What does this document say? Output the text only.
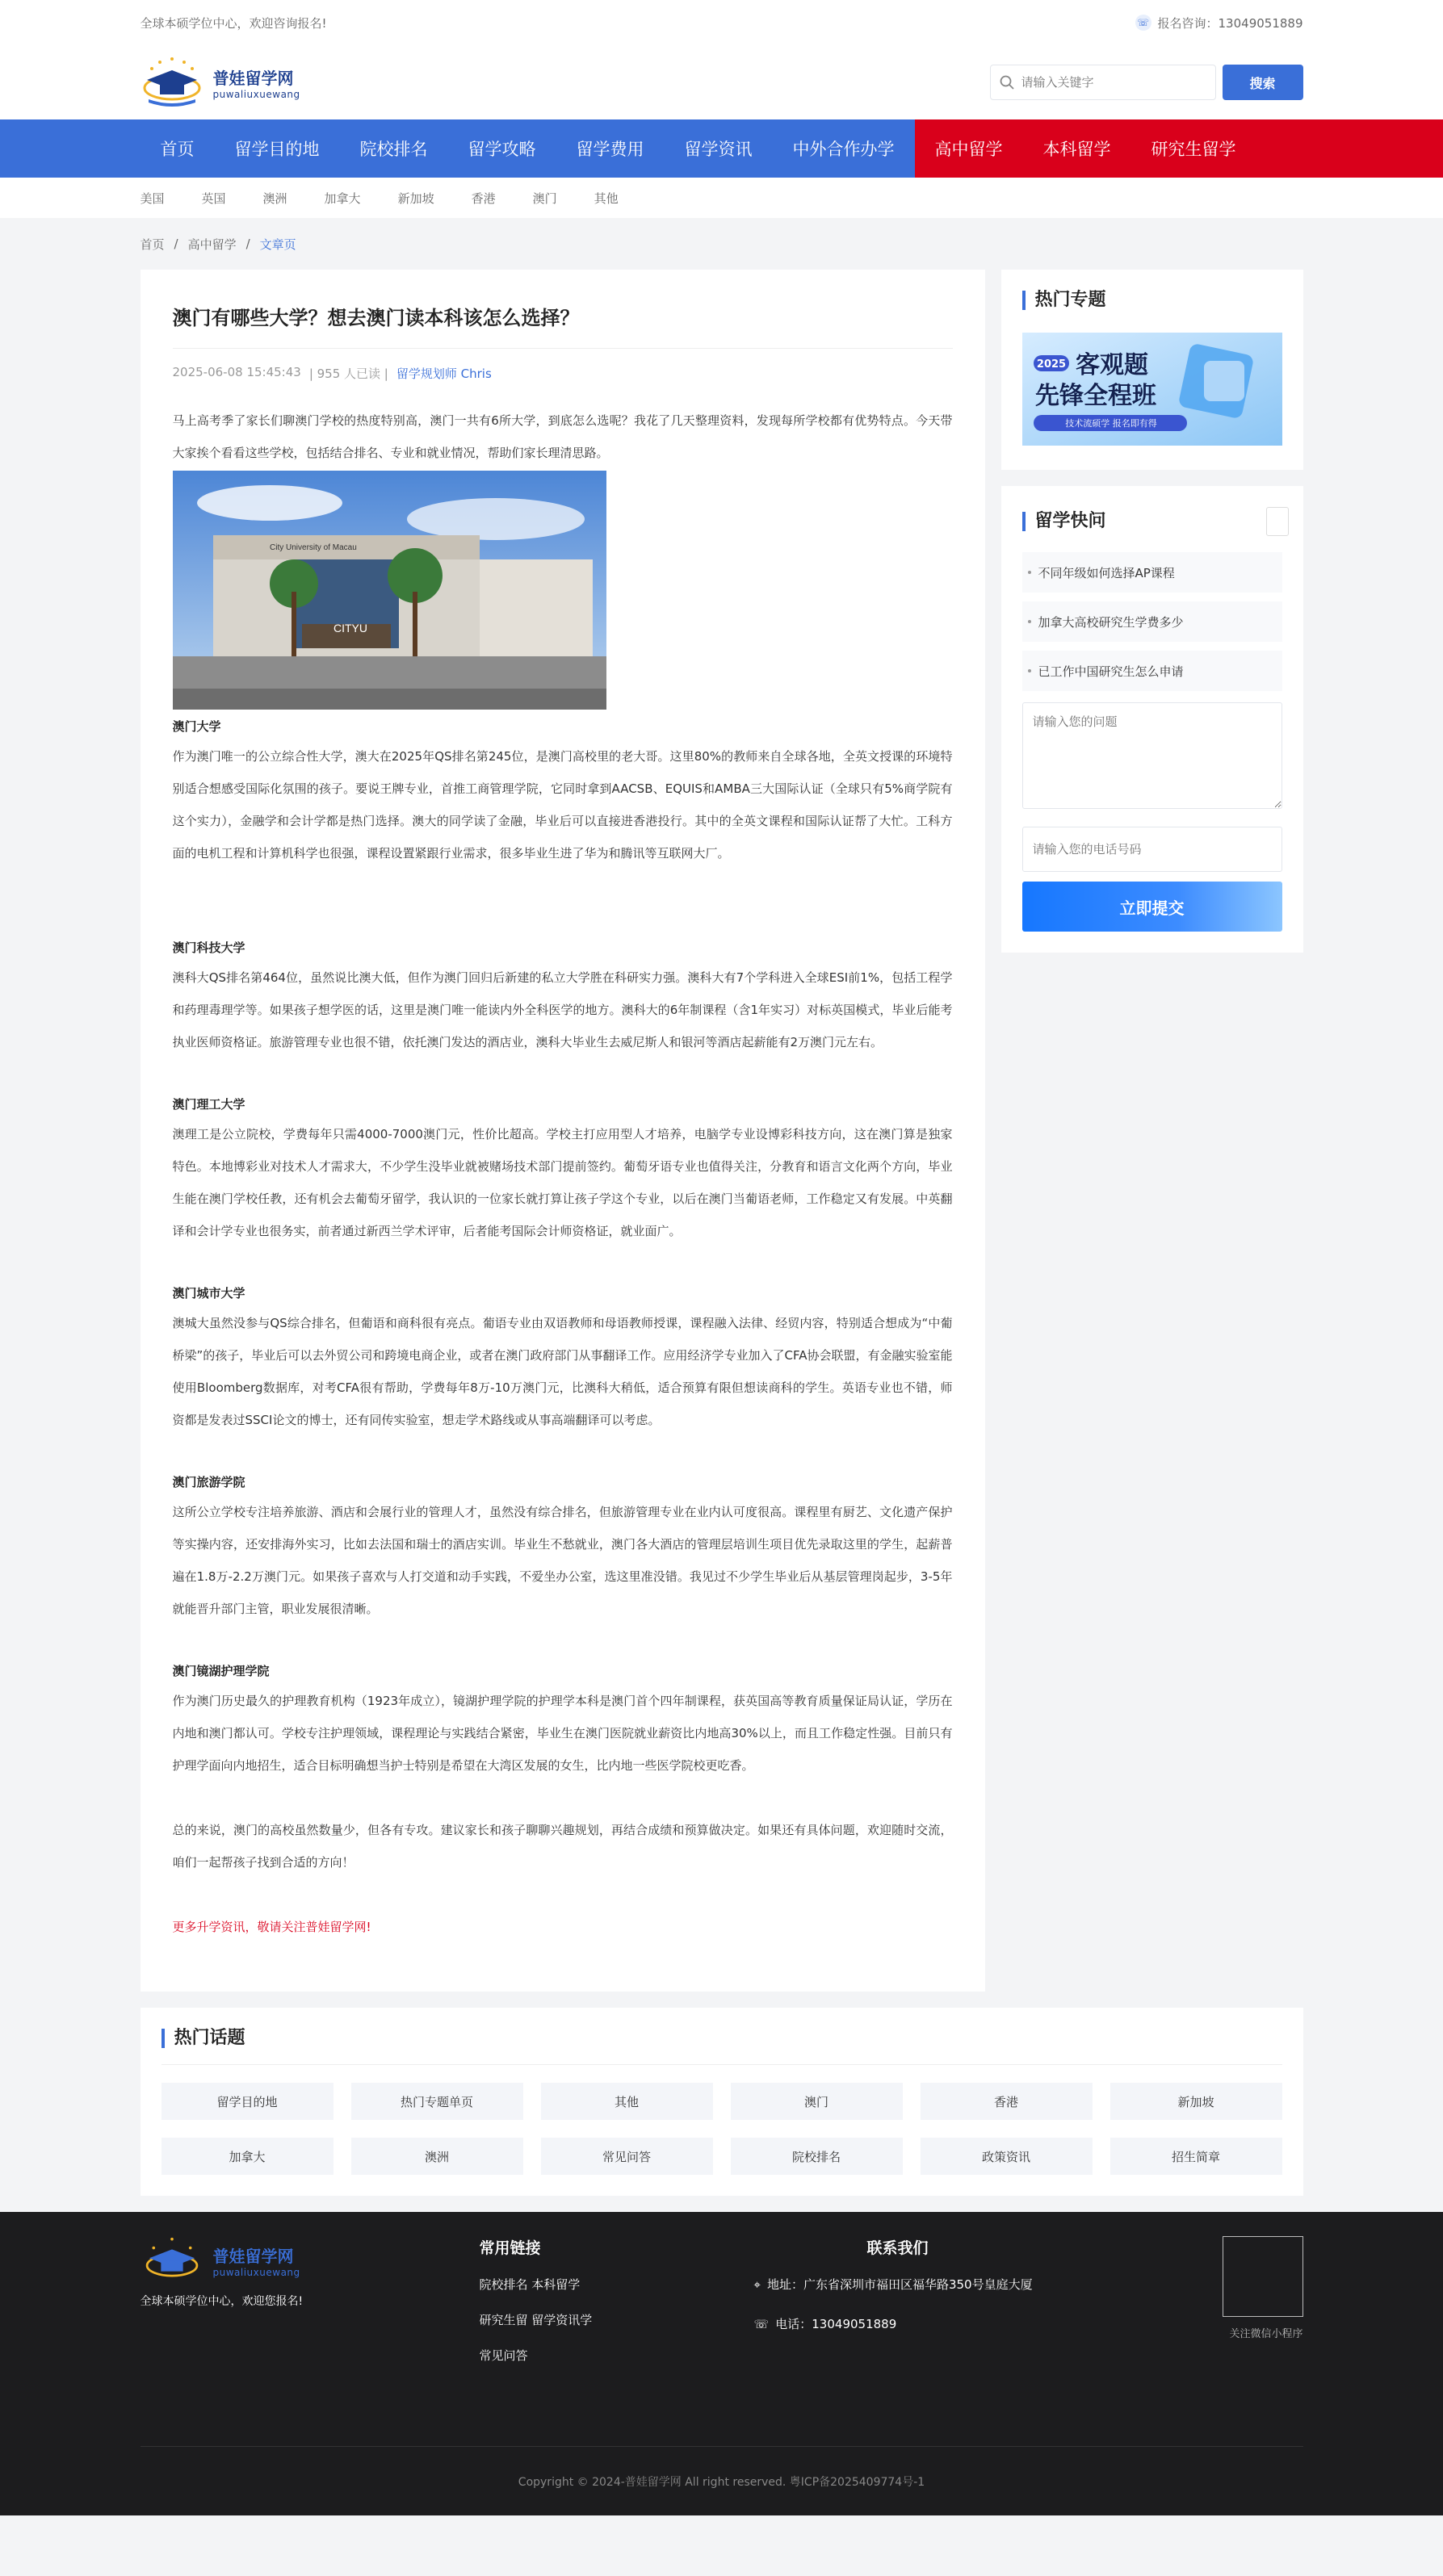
全球本硕学位中心，欢迎咨询报名!	☏ 报名咨询：13049051889
普娃留学网
puwaliuxuewang
请输入关键字
搜索
首页	留学目的地	院校排名	留学攻略	留学费用	留学资讯	中外合作办学	高中留学	本科留学	研究生留学
美国	英国	澳洲	加拿大	新加坡	香港	澳门	其他
首页 / 高中留学 / 文章页
澳门有哪些大学？想去澳门读本科该怎么选择？
2025-06-08 15:45:43 | 955 人已读 | 留学规划师 Chris

马上高考季了家长们聊澳门学校的热度特别高，澳门一共有6所大学，到底怎么选呢？我花了几天整理资料，发现每所学校都有优势特点。今天带大家挨个看看这些学校，包括结合排名、专业和就业情况，帮助们家长理清思路。

CITYU
City University of Macau
澳门大学

作为澳门唯一的公立综合性大学，澳大在2025年QS排名第245位，是澳门高校里的老大哥。这里80%的教师来自全球各地，全英文授课的环境特别适合想感受国际化氛围的孩子。要说王牌专业，首推工商管理学院，它同时拿到AACSB、EQUIS和AMBA三大国际认证（全球只有5%商学院有这个实力），金融学和会计学都是热门选择。澳大的同学读了金融，毕业后可以直接进香港投行。其中的全英文课程和国际认证帮了大忙。工科方面的电机工程和计算机科学也很强，课程设置紧跟行业需求，很多毕业生进了华为和腾讯等互联网大厂。

澳门科技大学

澳科大QS排名第464位，虽然说比澳大低，但作为澳门回归后新建的私立大学胜在科研实力强。澳科大有7个学科进入全球ESI前1%，包括工程学和药理毒理学等。如果孩子想学医的话，这里是澳门唯一能读内外全科医学的地方。澳科大的6年制课程（含1年实习）对标英国模式，毕业后能考执业医师资格证。旅游管理专业也很不错，依托澳门发达的酒店业，澳科大毕业生去威尼斯人和银河等酒店起薪能有2万澳门元左右。

澳门理工大学

澳理工是公立院校，学费每年只需4000-7000澳门元，性价比超高。学校主打应用型人才培养，电脑学专业设博彩科技方向，这在澳门算是独家特色。本地博彩业对技术人才需求大，不少学生没毕业就被赌场技术部门提前签约。葡萄牙语专业也值得关注，分教育和语言文化两个方向，毕业生能在澳门学校任教，还有机会去葡萄牙留学，我认识的一位家长就打算让孩子学这个专业，以后在澳门当葡语老师，工作稳定又有发展。中英翻译和会计学专业也很务实，前者通过新西兰学术评审，后者能考国际会计师资格证，就业面广。

澳门城市大学

澳城大虽然没参与QS综合排名，但葡语和商科很有亮点。葡语专业由双语教师和母语教师授课，课程融入法律、经贸内容，特别适合想成为“中葡桥梁”的孩子，毕业后可以去外贸公司和跨境电商企业，或者在澳门政府部门从事翻译工作。应用经济学专业加入了CFA协会联盟，有金融实验室能使用Bloomberg数据库，对考CFA很有帮助，学费每年8万-10万澳门元，比澳科大稍低，适合预算有限但想读商科的学生。英语专业也不错，师资都是发表过SSCI论文的博士，还有同传实验室，想走学术路线或从事高端翻译可以考虑。

澳门旅游学院

这所公立学校专注培养旅游、酒店和会展行业的管理人才，虽然没有综合排名，但旅游管理专业在业内认可度很高。课程里有厨艺、文化遗产保护等实操内容，还安排海外实习，比如去法国和瑞士的酒店实训。毕业生不愁就业，澳门各大酒店的管理层培训生项目优先录取这里的学生，起薪普遍在1.8万-2.2万澳门元。如果孩子喜欢与人打交道和动手实践，不爱坐办公室，选这里准没错。我见过不少学生毕业后从基层管理岗起步，3-5年就能晋升部门主管，职业发展很清晰。

澳门镜湖护理学院

作为澳门历史最久的护理教育机构（1923年成立），镜湖护理学院的护理学本科是澳门首个四年制课程，获英国高等教育质量保证局认证，学历在内地和澳门都认可。学校专注护理领域，课程理论与实践结合紧密，毕业生在澳门医院就业薪资比内地高30%以上，而且工作稳定性强。目前只有护理学面向内地招生，适合目标明确想当护士特别是希望在大湾区发展的女生，比内地一些医学院校更吃香。

总的来说，澳门的高校虽然数量少，但各有专攻。建议家长和孩子聊聊兴趣规划，再结合成绩和预算做决定。如果还有具体问题，欢迎随时交流，咱们一起帮孩子找到合适的方向！

更多升学资讯，敬请关注普娃留学网!

热门专题
2025 客观题
先锋全程班
技术流硕学 报名即有得
留学快问
不同年级如何选择AP课程
加拿大高校研究生学费多少
已工作中国研究生怎么申请
请输入您的问题 请输入您的电话号码 立即提交
热门话题
留学目的地	热门专题单页	其他	澳门	香港	新加坡
加拿大	澳洲	常见问答	院校排名	政策资讯	招生简章
普娃留学网
puwaliuxuewang
全球本硕学位中心，欢迎您报名!
常用链接
院校排名 本科留学
研究生留 留学资讯学
常见问答
联系我们
⌖ 地址：广东省深圳市福田区福华路350号皇庭大厦
☏ 电话：13049051889
关注微信小程序
Copyright © 2024-普娃留学网 All right reserved. 粤ICP备2025409774号-1
